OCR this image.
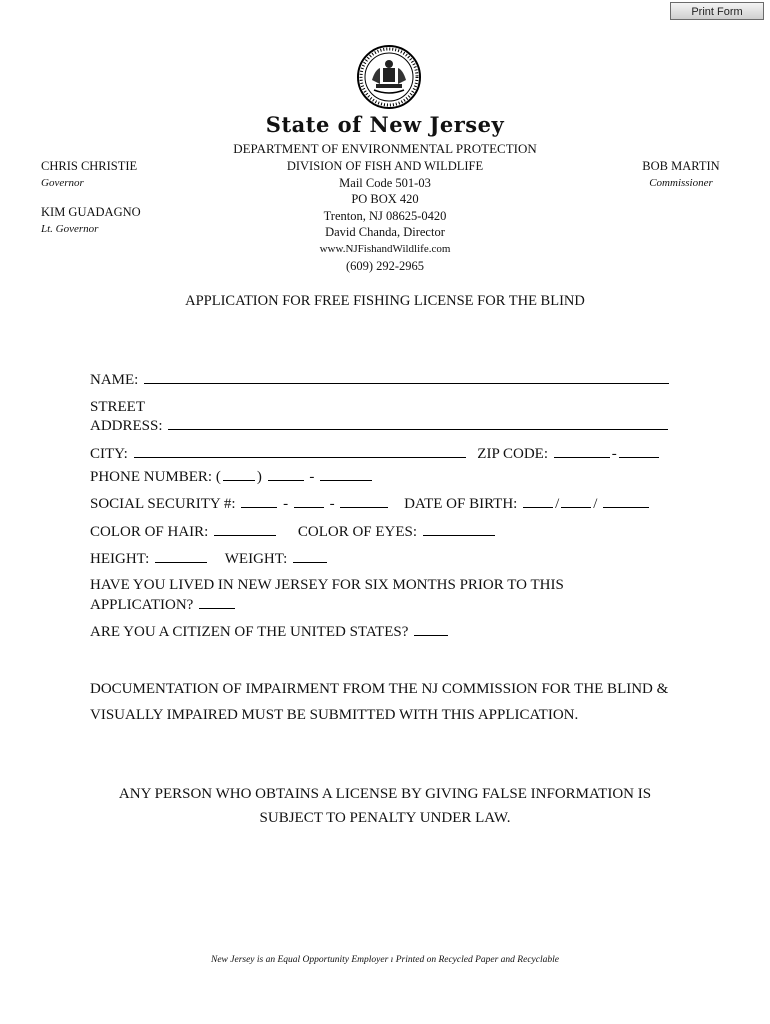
Print Form
State of New Jersey
DEPARTMENT OF ENVIRONMENTAL PROTECTION
DIVISION OF FISH AND WILDLIFE
Mail Code 501-03
PO BOX 420
Trenton, NJ 08625-0420
David Chanda, Director
www.NJFishandWildlife.com
(609) 292-2965
CHRIS CHRISTIE
Governor
KIM GUADAGNO
Lt. Governor
BOB MARTIN
Commissioner
APPLICATION FOR FREE FISHING LICENSE FOR THE BLIND
NAME:
STREET
ADDRESS:
CITY:	ZIP CODE:	-
PHONE NUMBER: ( )	-
SOCIAL SECURITY #:	-	-	DATE OF BIRTH:	/ /
COLOR OF HAIR:	COLOR OF EYES:
HEIGHT:	WEIGHT:
HAVE YOU LIVED IN NEW JERSEY FOR SIX MONTHS PRIOR TO THIS
APPLICATION?
ARE YOU A CITIZEN OF THE UNITED STATES?
DOCUMENTATION OF IMPAIRMENT FROM THE NJ COMMISSION FOR THE BLIND &
VISUALLY IMPAIRED MUST BE SUBMITTED WITH THIS APPLICATION.
ANY PERSON WHO OBTAINS A LICENSE BY GIVING FALSE INFORMATION IS
SUBJECT TO PENALTY UNDER LAW.
New Jersey is an Equal Opportunity Employer ı Printed on Recycled Paper and Recyclable
